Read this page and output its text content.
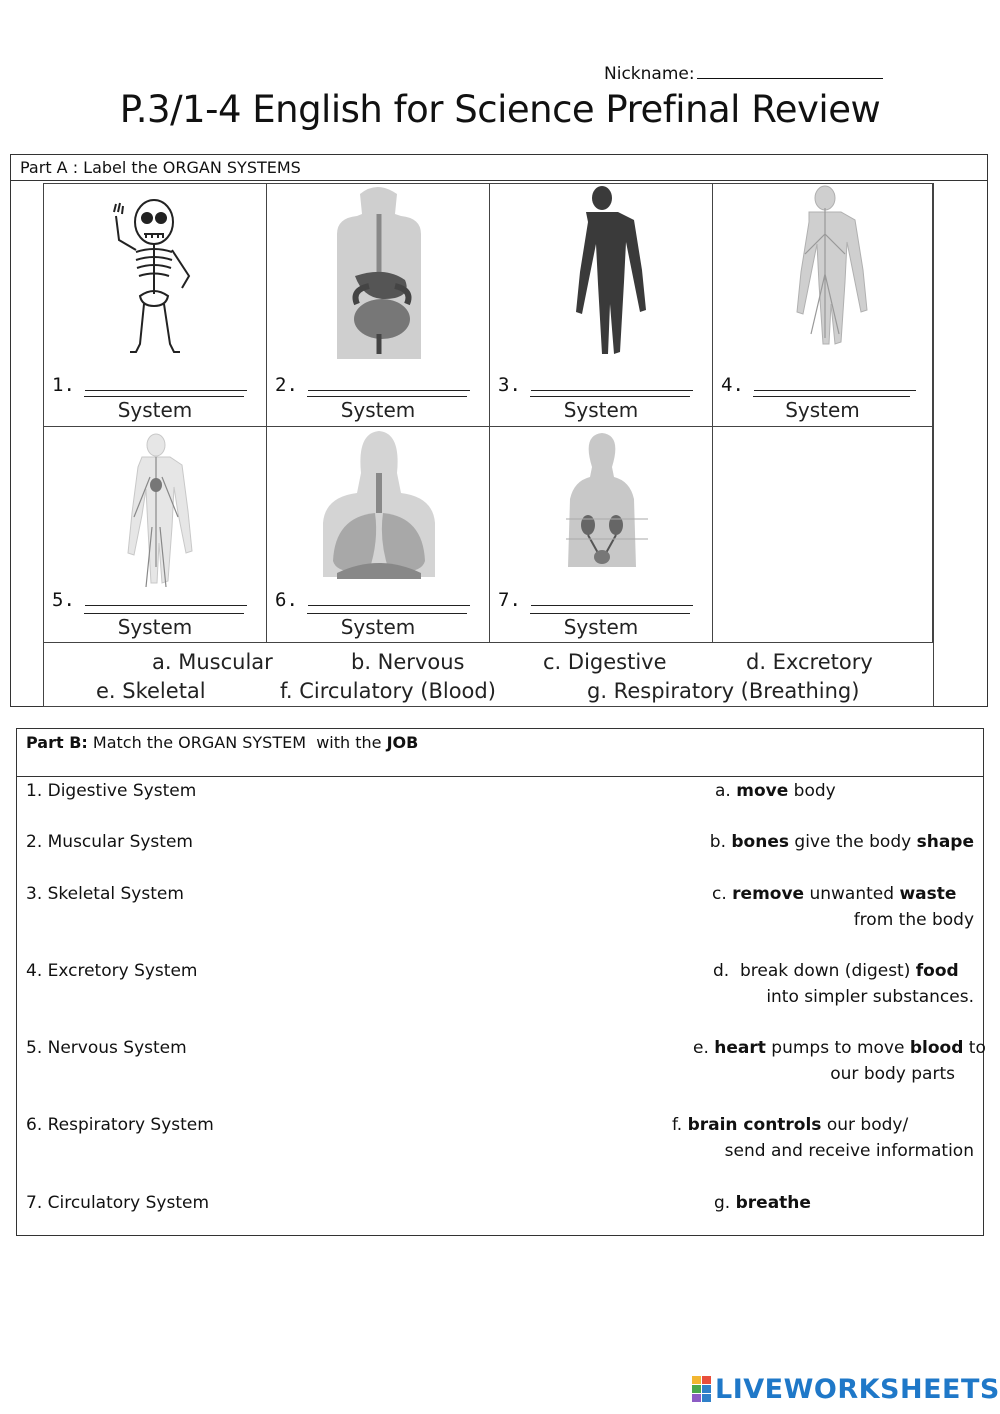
Nickname:
P.3/1-4 English for Science Prefinal Review
Part A : Label the ORGAN SYSTEMS
1.
System
2.
System
3.
System
4.
System
5.
System
6.
System
7.
System
a. Muscular	b. Nervous	c. Digestive	d. Excretory
e. Skeletal	f. Circulatory (Blood)	g. Respiratory (Breathing)
Part B: Match the ORGAN SYSTEM  with the JOB
1. Digestive System
2. Muscular System
3. Skeletal System
4. Excretory System
5. Nervous System
6. Respiratory System
7. Circulatory System
a. move body
b. bones give the body shape
c. remove unwanted waste
from the body
d.  break down (digest) food
into simpler substances.
e. heart pumps to move blood to
our body parts
f. brain controls our body/
send and receive information
g. breathe
LIVEWORKSHEETS
